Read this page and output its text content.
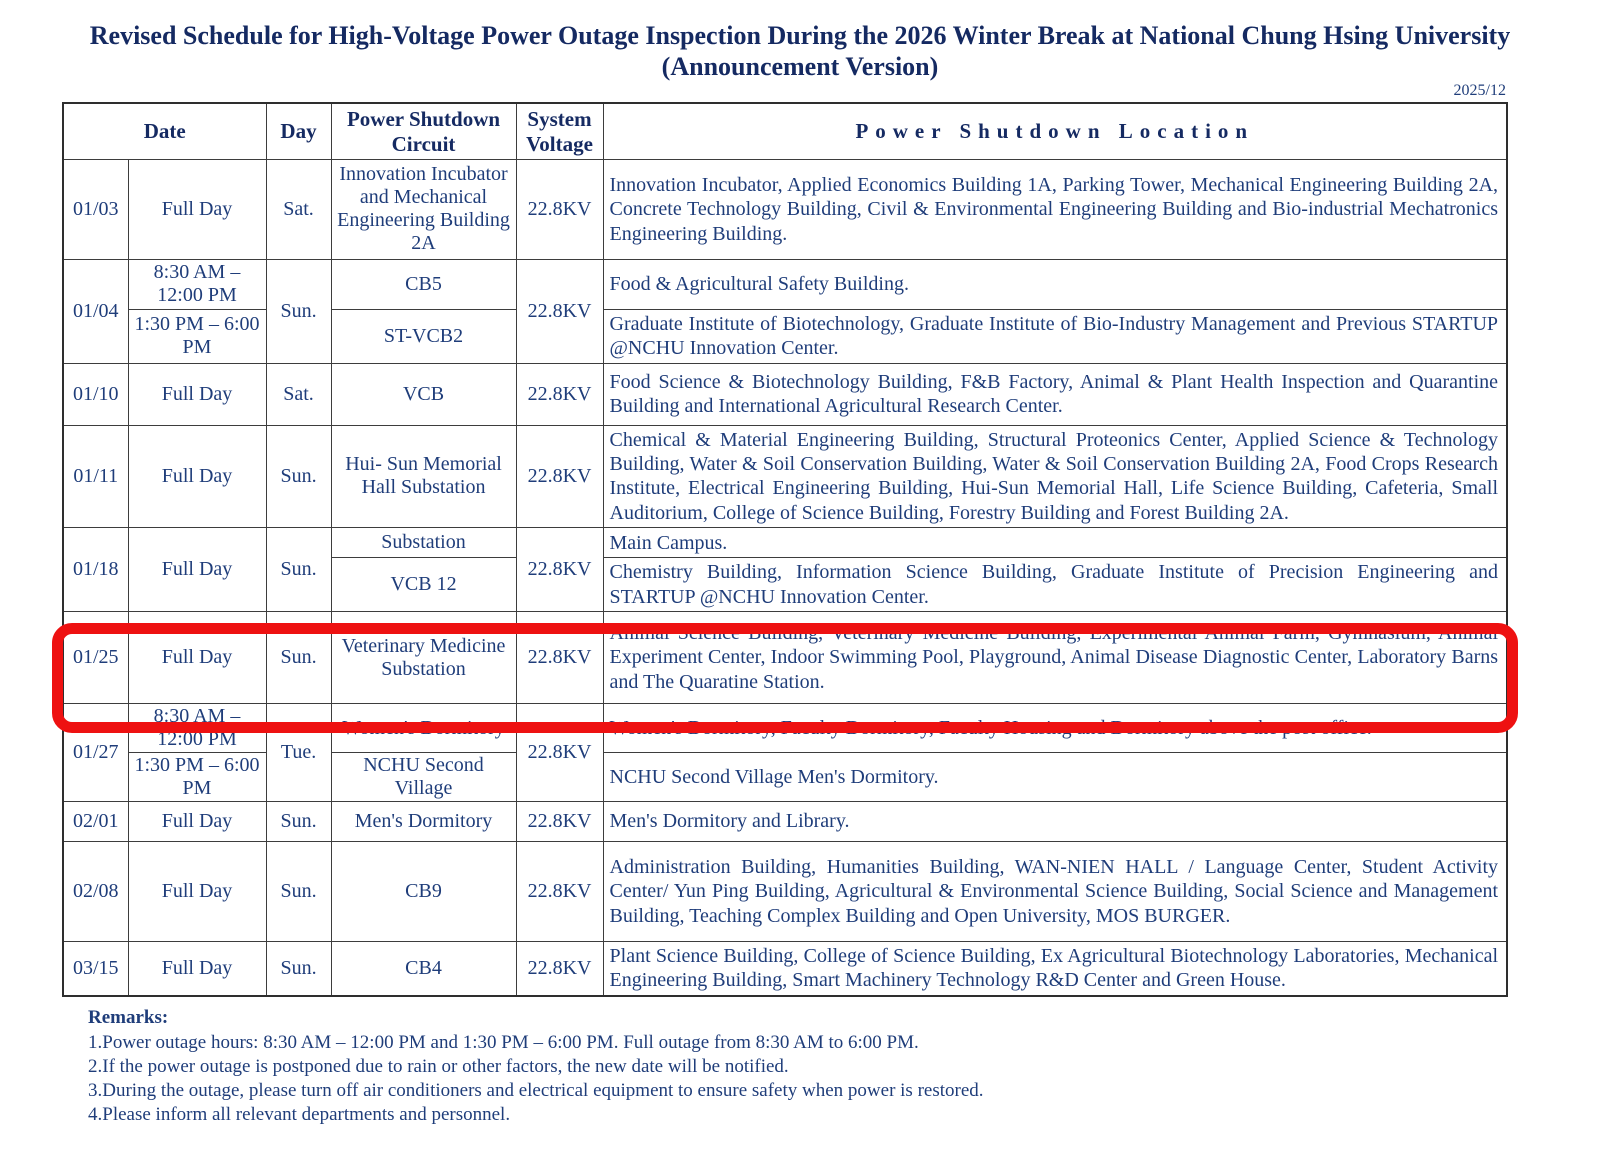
Revised Schedule for High-Voltage Power Outage Inspection During the 2026 Winter Break at National Chung Hsing University
(Announcement Version)
2025/12
Date		Day	Power Shutdown Circuit	System Voltage	Power Shutdown Location
01/03	Full Day	Sat.	Innovation Incubator and Mechanical Engineering Building 2A	22.8KV	Innovation Incubator, Applied Economics Building 1A, Parking Tower, Mechanical Engineering Building 2A, Concrete Technology Building, Civil & Environmental Engineering Building and Bio-industrial Mechatronics Engineering Building.
01/04	8:30 AM – 12:00 PM	Sun.	CB5	22.8KV	Food & Agricultural Safety Building.
	1:30 PM – 6:00 PM		ST-VCB2		Graduate Institute of Biotechnology, Graduate Institute of Bio-Industry Management and Previous STARTUP @NCHU Innovation Center.
01/10	Full Day	Sat.	VCB	22.8KV	Food Science & Biotechnology Building, F&B Factory, Animal & Plant Health Inspection and Quarantine Building and International Agricultural Research Center.
01/11	Full Day	Sun.	Hui- Sun Memorial Hall Substation	22.8KV	Chemical & Material Engineering Building, Structural Proteonics Center, Applied Science & Technology Building, Water & Soil Conservation Building, Water & Soil Conservation Building 2A, Food Crops Research Institute, Electrical Engineering Building, Hui-Sun Memorial Hall, Life Science Building, Cafeteria, Small Auditorium, College of Science Building, Forestry Building and Forest Building 2A.
01/18	Full Day	Sun.	Substation	22.8KV	Main Campus.
			VCB 12		Chemistry Building, Information Science Building, Graduate Institute of Precision Engineering and STARTUP @NCHU Innovation Center.
01/25	Full Day	Sun.	Veterinary Medicine Substation	22.8KV	Animal Science Building, Veterinary Medicine Building, Experimental Animal Farm, Gymnasium, Animal Experiment Center, Indoor Swimming Pool, Playground, Animal Disease Diagnostic Center, Laboratory Barns and The Quaratine Station.
01/27	8:30 AM – 12:00 PM	Tue.	Women's Dormitory	22.8KV	Women's Dormitory, Faculty Dormitory, Faculty Housing and Dormitory above the post office.
	1:30 PM – 6:00 PM		NCHU Second Village		NCHU Second Village Men's Dormitory.
02/01	Full Day	Sun.	Men's Dormitory	22.8KV	Men's Dormitory and Library.
02/08	Full Day	Sun.	CB9	22.8KV	Administration Building, Humanities Building, WAN-NIEN HALL / Language Center, Student Activity Center/ Yun Ping Building, Agricultural & Environmental Science Building, Social Science and Management Building, Teaching Complex Building and Open University, MOS BURGER.
03/15	Full Day	Sun.	CB4	22.8KV	Plant Science Building, College of Science Building, Ex Agricultural Biotechnology Laboratories, Mechanical Engineering Building, Smart Machinery Technology R&D Center and Green House.
Remarks:
1.Power outage hours: 8:30 AM – 12:00 PM and 1:30 PM – 6:00 PM. Full outage from 8:30 AM to 6:00 PM.
2.If the power outage is postponed due to rain or other factors, the new date will be notified.
3.During the outage, please turn off air conditioners and electrical equipment to ensure safety when power is restored.
4.Please inform all relevant departments and personnel.
